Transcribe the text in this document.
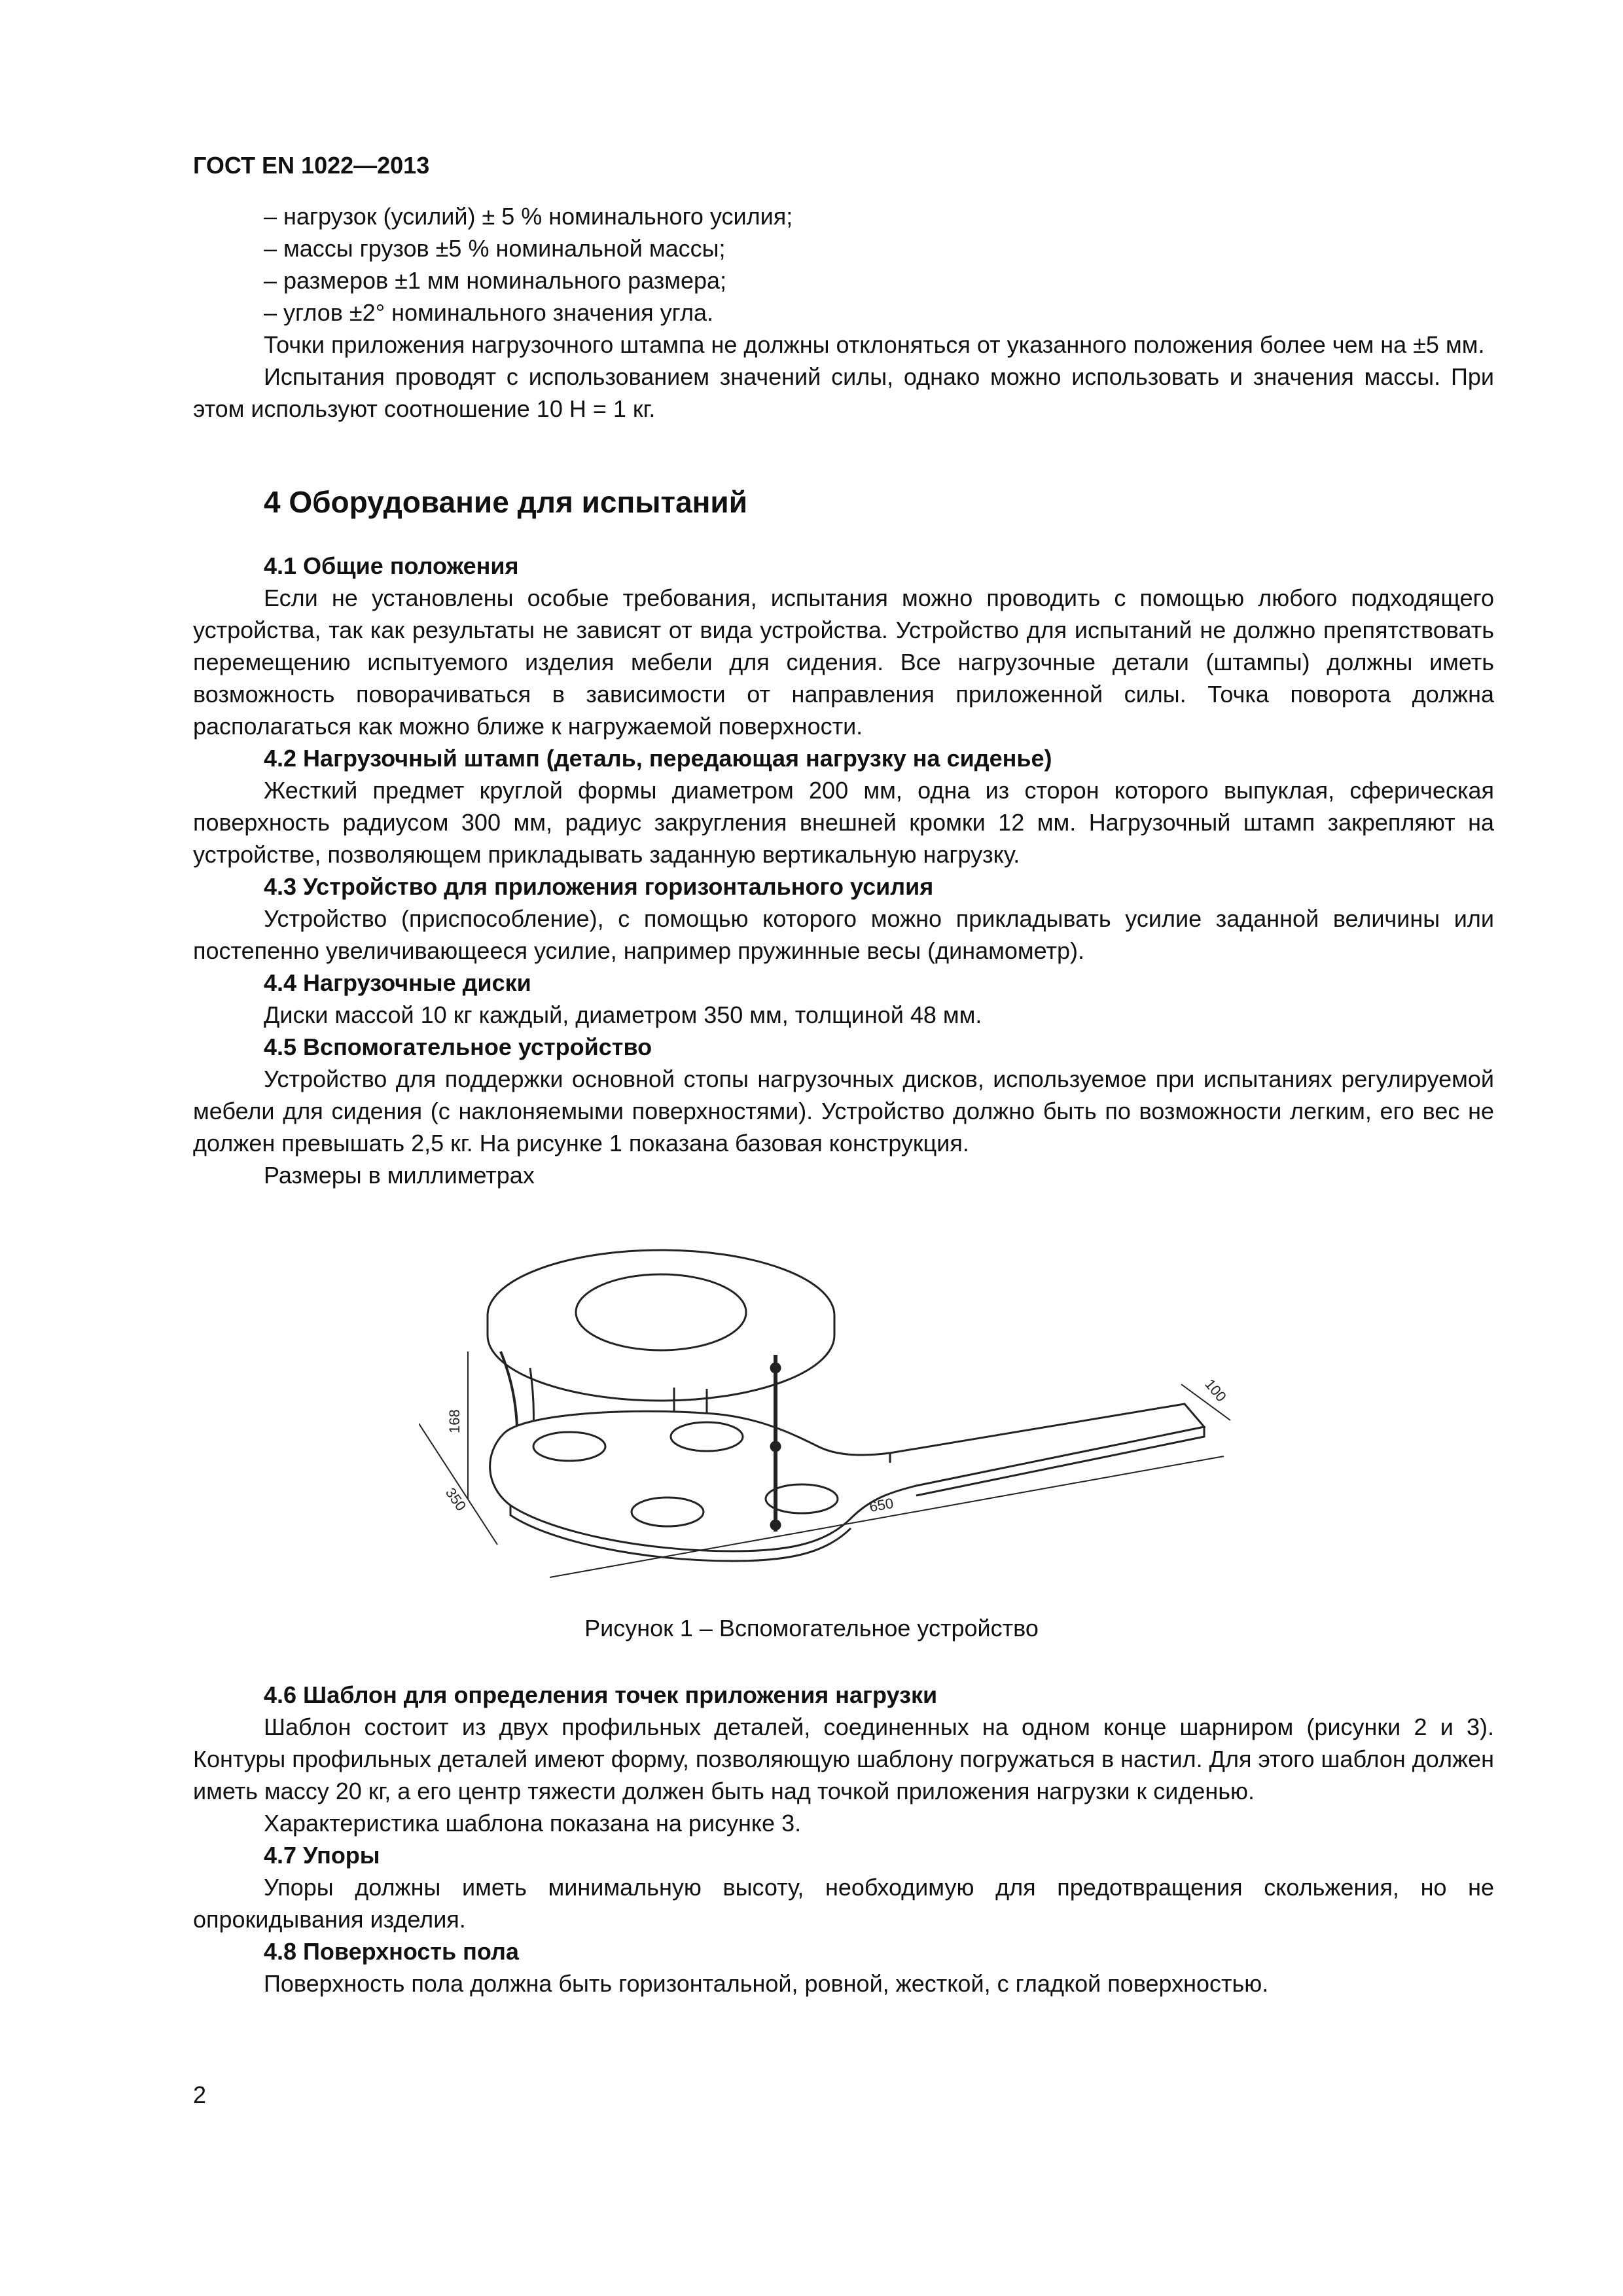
ГОСТ EN 1022—2013

– нагрузок (усилий) ± 5 % номинального усилия;

– массы грузов ±5 % номинальной массы;

– размеров ±1 мм номинального размера;

– углов ±2° номинального значения угла.

Точки приложения нагрузочного штампа не должны отклоняться от указанного положения более чем на ±5 мм.

Испытания проводят с использованием значений силы, однако можно использовать и значения массы. При этом используют соотношение 10 Н = 1 кг.

4 Оборудование для испытаний

4.1 Общие положения

Если не установлены особые требования, испытания можно проводить с помощью любого подходящего устройства, так как результаты не зависят от вида устройства. Устройство для испытаний не должно препятствовать перемещению испытуемого изделия мебели для сидения. Все нагрузочные детали (штампы) должны иметь возможность поворачиваться в зависимости от направления приложенной силы. Точка поворота должна располагаться как можно ближе к нагружаемой поверхности.

4.2 Нагрузочный штамп (деталь, передающая нагрузку на сиденье)

Жесткий предмет круглой формы диаметром 200 мм, одна из сторон которого выпуклая, сферическая поверхность радиусом 300 мм, радиус закругления внешней кромки 12 мм. Нагрузочный штамп закрепляют на устройстве, позволяющем прикладывать заданную вертикальную нагрузку.

4.3 Устройство для приложения горизонтального усилия

Устройство (приспособление), с помощью которого можно прикладывать усилие заданной величины или постепенно увеличивающееся усилие, например пружинные весы (динамометр).

4.4 Нагрузочные диски

Диски массой 10 кг каждый, диаметром 350 мм, толщиной 48 мм.

4.5 Вспомогательное устройство

Устройство для поддержки основной стопы нагрузочных дисков, используемое при испытаниях регулируемой мебели для сидения (с наклоняемыми поверхностями). Устройство должно быть по возможности легким, его вес не должен превышать 2,5 кг. На рисунке 1 показана базовая конструкция.

Размеры в миллиметрах

168
350	650
100
Рисунок 1 – Вспомогательное устройство

4.6 Шаблон для определения точек приложения нагрузки

Шаблон состоит из двух профильных деталей, соединенных на одном конце шарниром (рисунки 2 и 3). Контуры профильных деталей имеют форму, позволяющую шаблону погружаться в настил. Для этого шаблон должен иметь массу 20 кг, а его центр тяжести должен быть над точкой приложения нагрузки к сиденью.

Характеристика шаблона показана на рисунке 3.

4.7 Упоры

Упоры должны иметь минимальную высоту, необходимую для предотвращения скольжения, но не опрокидывания изделия.

4.8 Поверхность пола

Поверхность пола должна быть горизонтальной, ровной, жесткой, с гладкой поверхностью.

2
